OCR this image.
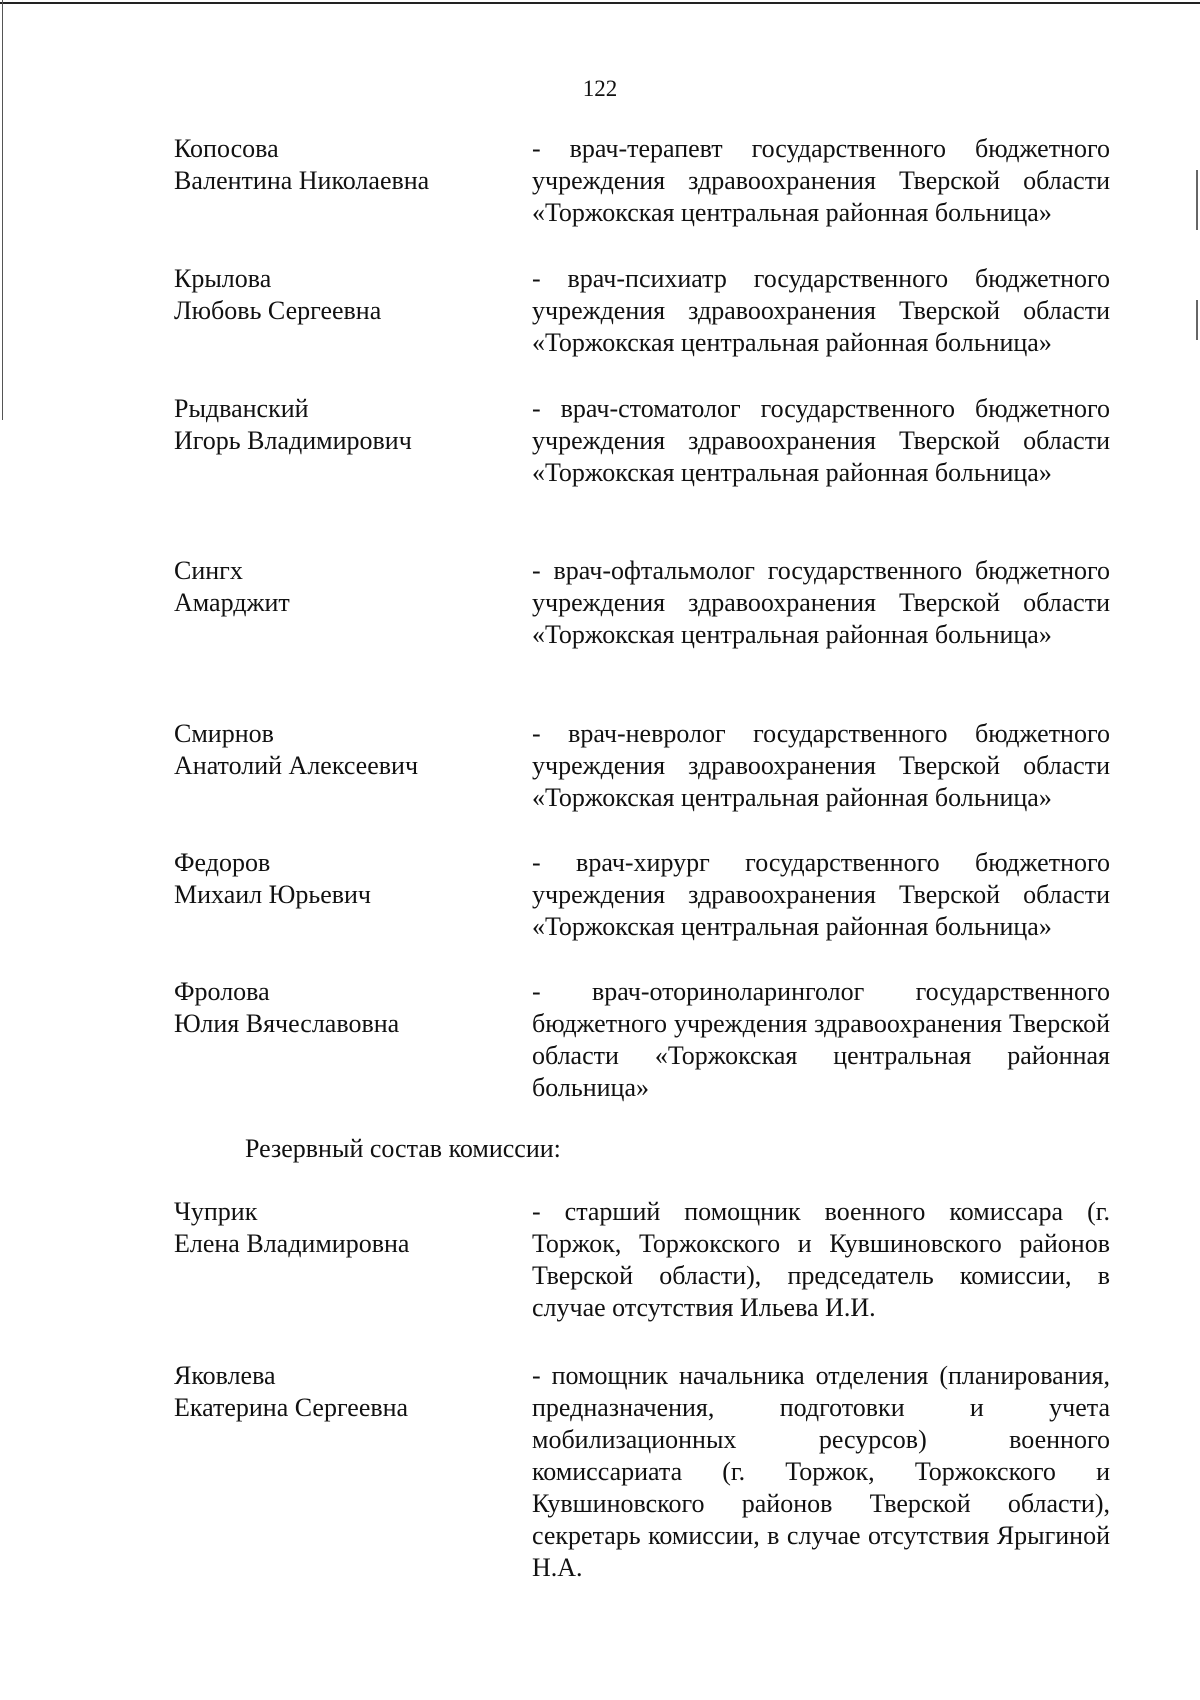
122
Копосова
Валентина Николаевна
- врач-терапевт государственного бюджетного учреждения здравоохранения Тверской области «Торжокская центральная районная больница»
Крылова
Любовь Сергеевна
- врач-психиатр государственного бюджетного учреждения здравоохранения Тверской области «Торжокская центральная районная больница»
Рыдванский
Игорь Владимирович
- врач-стоматолог государственного бюджетного учреждения здравоохранения Тверской области «Торжокская центральная районная больница»
Сингх
Амарджит
- врач-офтальмолог государственного бюджетного учреждения здравоохранения Тверской области «Торжокская центральная районная больница»
Смирнов
Анатолий Алексеевич
- врач-невролог государственного бюджетного учреждения здравоохранения Тверской области «Торжокская центральная районная больница»
Федоров
Михаил Юрьевич
- врач-хирург государственного бюджетного учреждения здравоохранения Тверской области «Торжокская центральная районная больница»
Фролова
Юлия Вячеславовна
- врач-оториноларинголог государственного бюджетного учреждения здравоохранения Тверской области «Торжокская центральная районная больница»
Резервный состав комиссии:
Чуприк
Елена Владимировна
- старший помощник военного комиссара (г. Торжок, Торжокского и Кувшиновского районов Тверской области), председатель комиссии, в случае отсутствия Ильева И.И.
Яковлева
Екатерина Сергеевна
- помощник начальника отделения (планирования, предназначения, подготовки и учета мобилизационных ресурсов) военного комиссариата (г. Торжок, Торжокского и Кувшиновского районов Тверской области), секретарь комиссии, в случае отсутствия Ярыгиной Н.А.
